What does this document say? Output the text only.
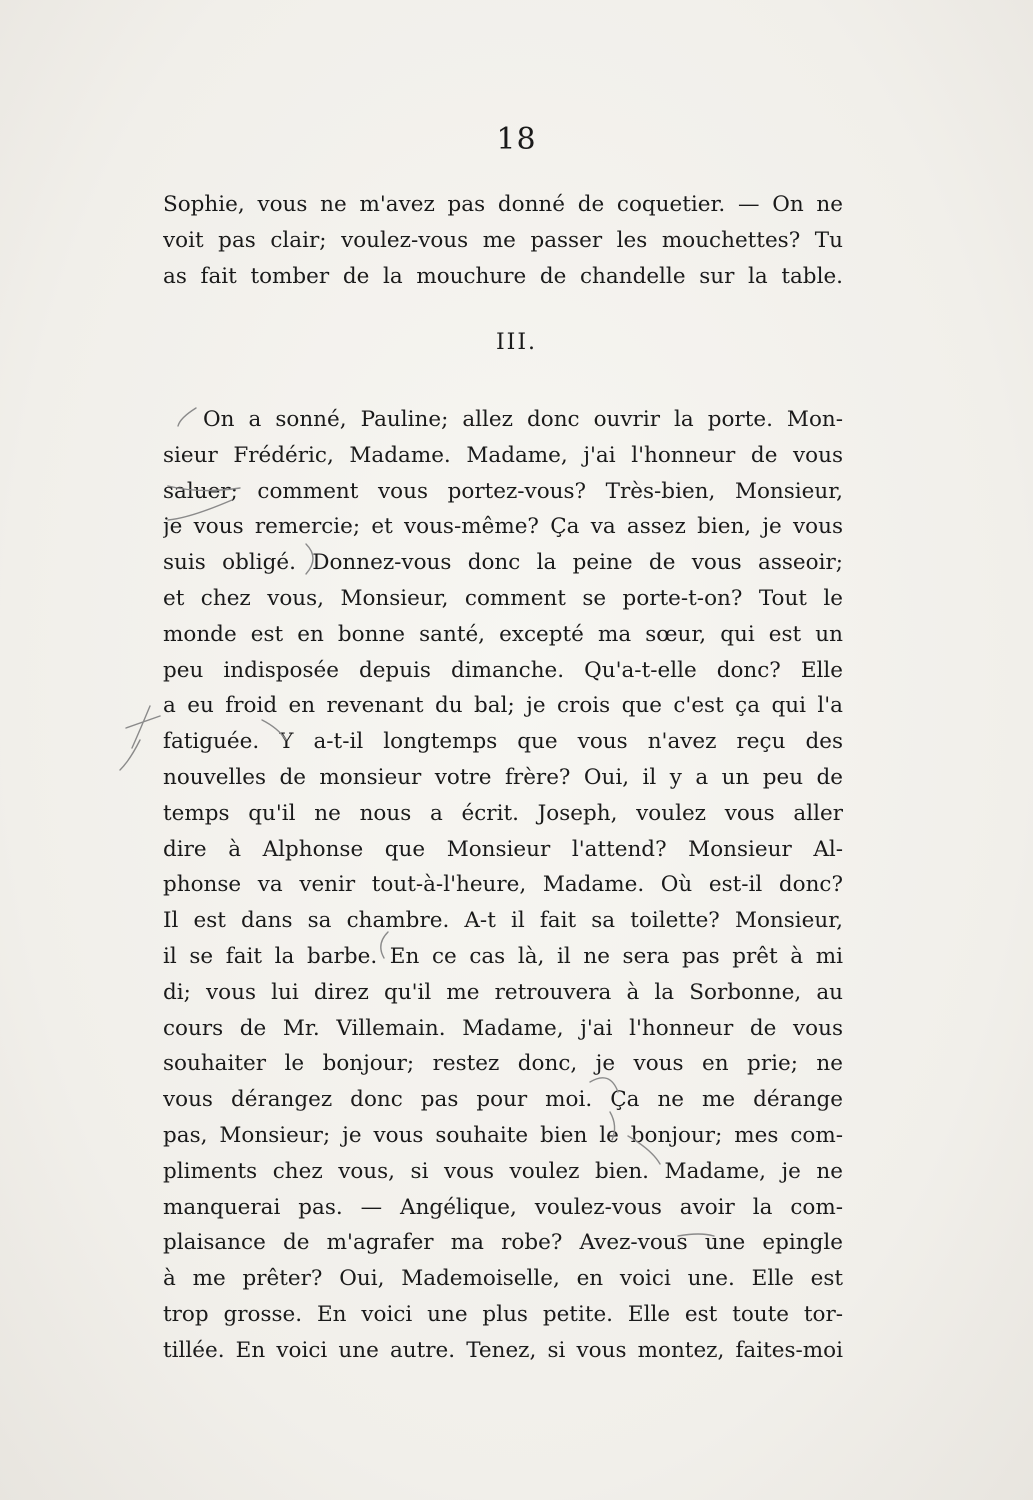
18
Sophie, vous ne m'avez pas donné de coquetier. — On ne
voit pas clair; voulez-vous me passer les mouchettes? Tu
as fait tomber de la mouchure de chandelle sur la table.
III.
On a sonné, Pauline; allez donc ouvrir la porte. Mon-
sieur Frédéric, Madame. Madame, j'ai l'honneur de vous
saluer; comment vous portez-vous? Très-bien, Monsieur,
je vous remercie; et vous-même? Ça va assez bien, je vous
suis obligé. Donnez-vous donc la peine de vous asseoir;
et chez vous, Monsieur, comment se porte-t-on? Tout le
monde est en bonne santé, excepté ma sœur, qui est un
peu indisposée depuis dimanche. Qu'a-t-elle donc? Elle
a eu froid en revenant du bal; je crois que c'est ça qui l'a
fatiguée. Y a-t-il longtemps que vous n'avez reçu des
nouvelles de monsieur votre frère? Oui, il y a un peu de
temps qu'il ne nous a écrit. Joseph, voulez vous aller
dire à Alphonse que Monsieur l'attend? Monsieur Al-
phonse va venir tout-à-l'heure, Madame. Où est-il donc?
Il est dans sa chambre. A-t il fait sa toilette? Monsieur,
il se fait la barbe. En ce cas là, il ne sera pas prêt à mi
di; vous lui direz qu'il me retrouvera à la Sorbonne, au
cours de Mr. Villemain. Madame, j'ai l'honneur de vous
souhaiter le bonjour; restez donc, je vous en prie; ne
vous dérangez donc pas pour moi. Ça ne me dérange
pas, Monsieur; je vous souhaite bien le bonjour; mes com-
pliments chez vous, si vous voulez bien. Madame, je ne
manquerai pas. — Angélique, voulez-vous avoir la com-
plaisance de m'agrafer ma robe? Avez-vous une epingle
à me prêter? Oui, Mademoiselle, en voici une. Elle est
trop grosse. En voici une plus petite. Elle est toute tor-
tillée. En voici une autre. Tenez, si vous montez, faites-moi
